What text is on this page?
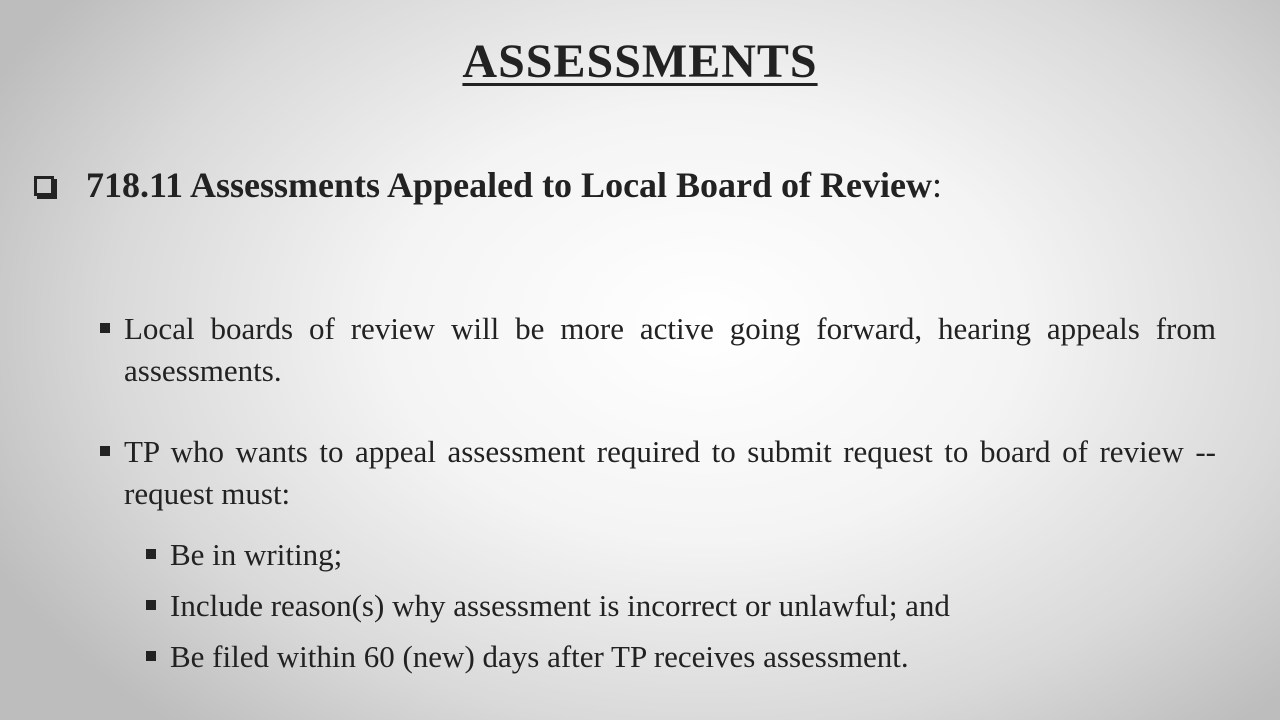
ASSESSMENTS
718.11 Assessments Appealed to Local Board of Review:
Local boards of review will be more active going forward, hearing appeals from assessments.
TP who wants to appeal assessment required to submit request to board of review -- request must:
Be in writing;
Include reason(s) why assessment is incorrect or unlawful; and
Be filed within 60 (new) days after TP receives assessment.
